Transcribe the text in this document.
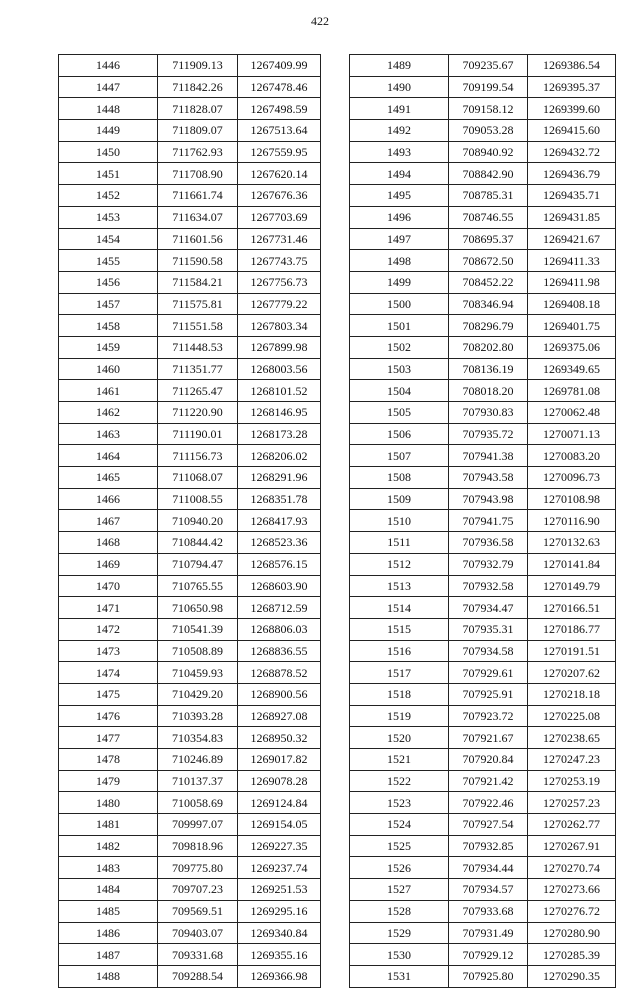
422
1446	711909.13	1267409.99
1447	711842.26	1267478.46
1448	711828.07	1267498.59
1449	711809.07	1267513.64
1450	711762.93	1267559.95
1451	711708.90	1267620.14
1452	711661.74	1267676.36
1453	711634.07	1267703.69
1454	711601.56	1267731.46
1455	711590.58	1267743.75
1456	711584.21	1267756.73
1457	711575.81	1267779.22
1458	711551.58	1267803.34
1459	711448.53	1267899.98
1460	711351.77	1268003.56
1461	711265.47	1268101.52
1462	711220.90	1268146.95
1463	711190.01	1268173.28
1464	711156.73	1268206.02
1465	711068.07	1268291.96
1466	711008.55	1268351.78
1467	710940.20	1268417.93
1468	710844.42	1268523.36
1469	710794.47	1268576.15
1470	710765.55	1268603.90
1471	710650.98	1268712.59
1472	710541.39	1268806.03
1473	710508.89	1268836.55
1474	710459.93	1268878.52
1475	710429.20	1268900.56
1476	710393.28	1268927.08
1477	710354.83	1268950.32
1478	710246.89	1269017.82
1479	710137.37	1269078.28
1480	710058.69	1269124.84
1481	709997.07	1269154.05
1482	709818.96	1269227.35
1483	709775.80	1269237.74
1484	709707.23	1269251.53
1485	709569.51	1269295.16
1486	709403.07	1269340.84
1487	709331.68	1269355.16
1488	709288.54	1269366.98
1489	709235.67	1269386.54
1490	709199.54	1269395.37
1491	709158.12	1269399.60
1492	709053.28	1269415.60
1493	708940.92	1269432.72
1494	708842.90	1269436.79
1495	708785.31	1269435.71
1496	708746.55	1269431.85
1497	708695.37	1269421.67
1498	708672.50	1269411.33
1499	708452.22	1269411.98
1500	708346.94	1269408.18
1501	708296.79	1269401.75
1502	708202.80	1269375.06
1503	708136.19	1269349.65
1504	708018.20	1269781.08
1505	707930.83	1270062.48
1506	707935.72	1270071.13
1507	707941.38	1270083.20
1508	707943.58	1270096.73
1509	707943.98	1270108.98
1510	707941.75	1270116.90
1511	707936.58	1270132.63
1512	707932.79	1270141.84
1513	707932.58	1270149.79
1514	707934.47	1270166.51
1515	707935.31	1270186.77
1516	707934.58	1270191.51
1517	707929.61	1270207.62
1518	707925.91	1270218.18
1519	707923.72	1270225.08
1520	707921.67	1270238.65
1521	707920.84	1270247.23
1522	707921.42	1270253.19
1523	707922.46	1270257.23
1524	707927.54	1270262.77
1525	707932.85	1270267.91
1526	707934.44	1270270.74
1527	707934.57	1270273.66
1528	707933.68	1270276.72
1529	707931.49	1270280.90
1530	707929.12	1270285.39
1531	707925.80	1270290.35
